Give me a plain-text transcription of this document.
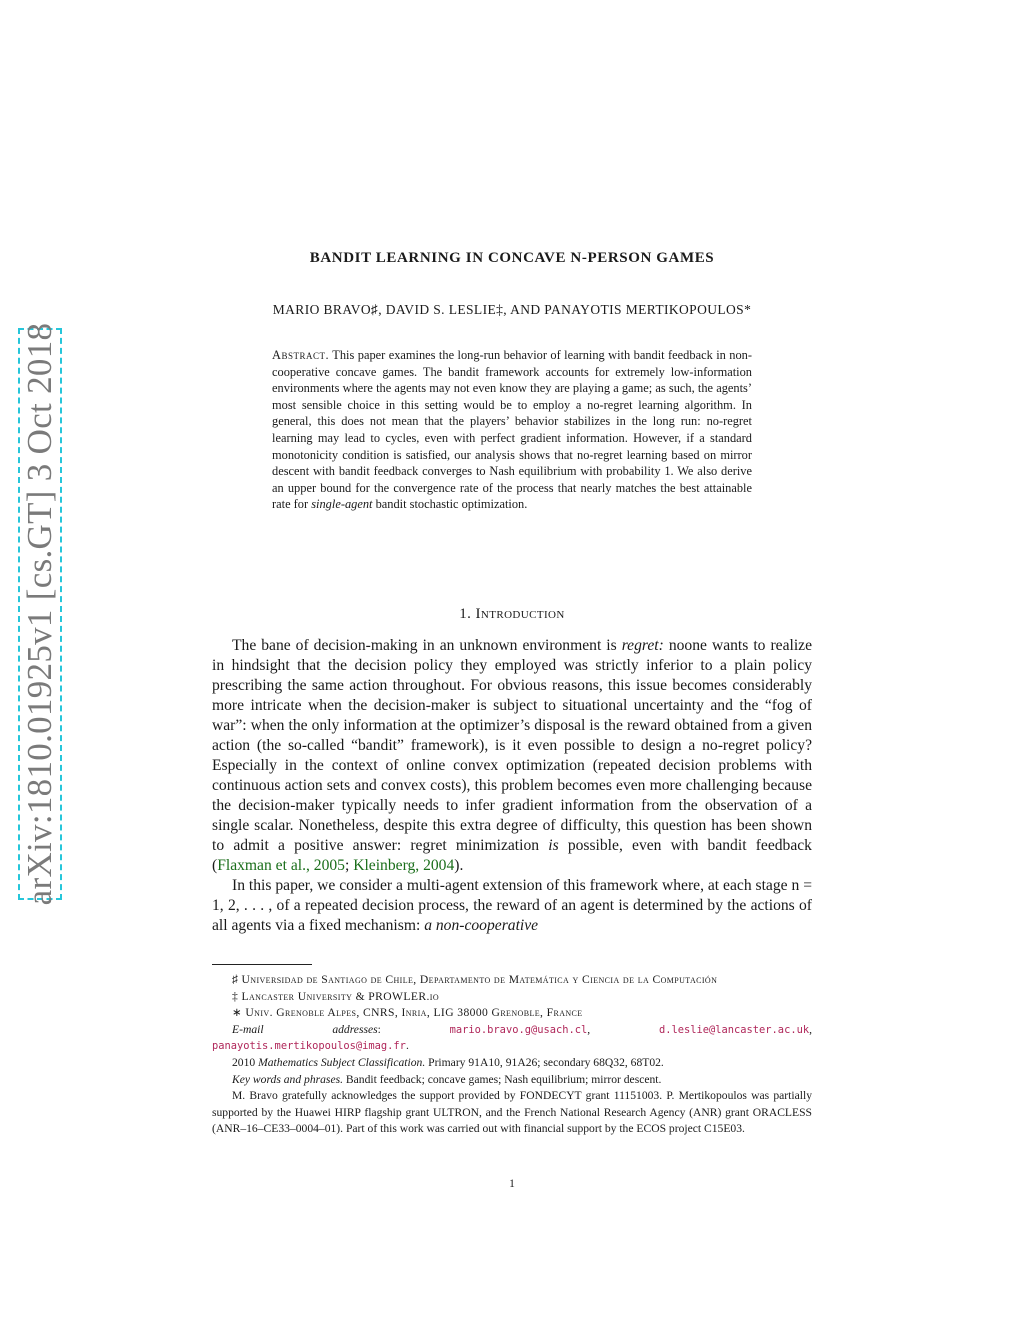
arXiv:1810.01925v1 [cs.GT] 3 Oct 2018
BANDIT LEARNING IN CONCAVE N-PERSON GAMES
MARIO BRAVO♯, DAVID S. LESLIE‡, AND PANAYOTIS MERTIKOPOULOS*
Abstract. This paper examines the long-run behavior of learning with bandit feedback in non-cooperative concave games. The bandit framework accounts for extremely low-information environments where the agents may not even know they are playing a game; as such, the agents’ most sensible choice in this setting would be to employ a no-regret learning algorithm. In general, this does not mean that the players’ behavior stabilizes in the long run: no-regret learning may lead to cycles, even with perfect gradient information. However, if a standard monotonicity condition is satisfied, our analysis shows that no-regret learning based on mirror descent with bandit feedback converges to Nash equilibrium with probability 1. We also derive an upper bound for the convergence rate of the process that nearly matches the best attainable rate for single-agent bandit stochastic optimization.
1. Introduction

The bane of decision-making in an unknown environment is regret: noone wants to realize in hindsight that the decision policy they employed was strictly inferior to a plain policy prescribing the same action throughout. For obvious reasons, this issue becomes considerably more intricate when the decision-maker is subject to situational uncertainty and the “fog of war”: when the only information at the optimizer’s disposal is the reward obtained from a given action (the so-called “bandit” framework), is it even possible to design a no-regret policy? Especially in the context of online convex optimization (repeated decision problems with continuous action sets and convex costs), this problem becomes even more challenging because the decision-maker typically needs to infer gradient information from the observation of a single scalar. Nonetheless, despite this extra degree of difficulty, this question has been shown to admit a positive answer: regret minimization is possible, even with bandit feedback (Flaxman et al., 2005; Kleinberg, 2004).

In this paper, we consider a multi-agent extension of this framework where, at each stage n = 1, 2, . . . , of a repeated decision process, the reward of an agent is determined by the actions of all agents via a fixed mechanism: a non-cooperative

♯ Universidad de Santiago de Chile, Departamento de Matemática y Ciencia de la Computación

‡ Lancaster University & PROWLER.io

∗ Univ. Grenoble Alpes, CNRS, Inria, LIG 38000 Grenoble, France

E-mail addresses: mario.bravo.g@usach.cl, d.leslie@lancaster.ac.uk, panayotis.mertikopoulos@imag.fr.

2010 Mathematics Subject Classification. Primary 91A10, 91A26; secondary 68Q32, 68T02.

Key words and phrases. Bandit feedback; concave games; Nash equilibrium; mirror descent.

M. Bravo gratefully acknowledges the support provided by FONDECYT grant 11151003. P. Mertikopoulos was partially supported by the Huawei HIRP flagship grant ULTRON, and the French National Research Agency (ANR) grant ORACLESS (ANR–16–CE33–0004–01). Part of this work was carried out with financial support by the ECOS project C15E03.

1
